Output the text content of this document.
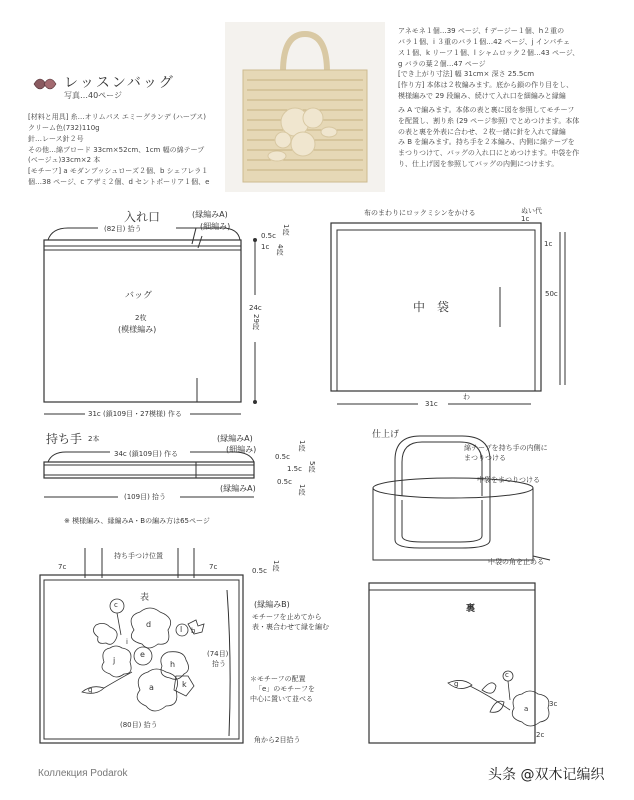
レッスンバッグ
写真…40ページ
[材料と用具] 糸…オリムパス エミーグランデ (ハーブス)
クリーム色(732)110g
針…レース針２号
その他…綿ブロード 33cm×52cm、1cm 幅の綿テープ
(ベージュ)33cm×2 本
[モチーフ] a モダンブッシュローズ２個、b シェフレラ１
個…38 ページ、c アザミ２個、d セントポーリア１個、e
アネモネ１個…39 ページ、f デージー１個、h２重の
バラ１個、i ３重のバラ１個…42 ページ、j インパチェ
ス１個、k リーフ１個、l シャムロック２個…43 ページ、
g バラの葉２個…47 ページ
[でき上がり寸法] 幅 31cm× 深さ 25.5cm
[作り方] 本体は２枚編みます。底から鎖の作り目をし、
模様編みで 29 段編み、続けて入れ口を細編みと縁編
み A で編みます。本体の表と裏に図を参照してモチーフ
を配置し、割り糸 (29 ページ参照) でとめつけます。本体
の表と裏を外表に合わせ、２枚一緒に針を入れて縁編
み B を編みます。持ち手を２本編み、内側に綿テープを
まつりつけて、バッグの入れ口にとめつけます。中袋を作
り、仕上げ図を参照してバッグの内側につけます。
入れ口
(82目) 拾う
(縁編みA)
(細編み)
0.5c
1c
1段
4段
バッグ
2枚
(模様編み)
24c
29段
31c (鎖109目・27模様) 作る
布のまわりにロックミシンをかける	ぬい代
1c
1c
中　袋
50c
わ
31c
持ち手 2本
34c (鎖109目) 作る
(縁編みA)
(細編み)
(縁編みA)
(109目) 拾う
0.5c
1.5c
0.5c
1段
5段
1段
※ 模様編み、縁編みA・Bの編み方は65ページ
仕上げ
綿テープを持ち手の内側に
まつりつける
中袋をまつりつける
中袋の角を止める
持ち手つけ位置
7c	7c	0.5c 1段
表
(縁編みB)
モチーフを止めてから
表・裏合わせて縁を編む
(74目)
拾う
＊モチーフの配置
「e」のモチーフを
中心に置いて並べる
(80目) 拾う
角から2目拾う
c
d
l b
j
e
h
i
a	k
g
裏
g
c
a
3c
2c
Коллекция Podarok	头条 @双木记编织
